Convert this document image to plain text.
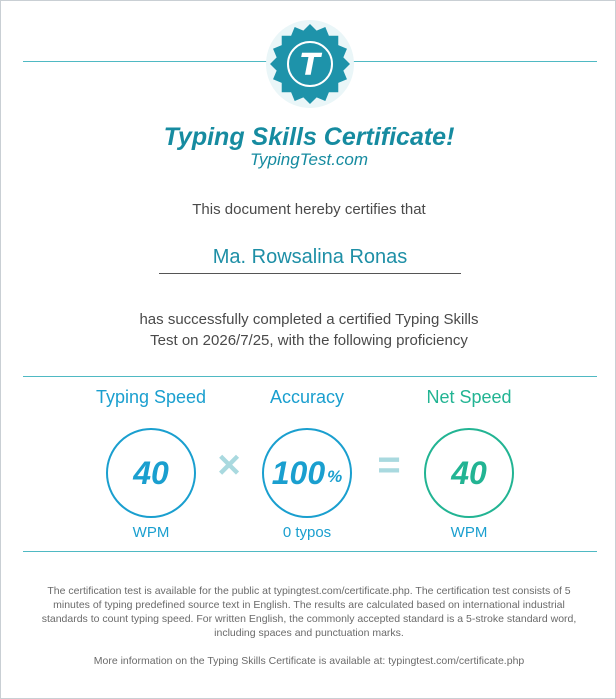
T
Typing Skills Certificate!
TypingTest.com
This document hereby certifies that
Ma. Rowsalina Ronas
has successfully completed a certified Typing Skills
Test on 2026/7/25, with the following proficiency
Typing Speed
40
WPM
×
Accuracy
100 %
0 typos
=
Net Speed
40
WPM
The certification test is available for the public at typingtest.com/certificate.php. The certification test consists of 5 minutes of typing predefined source text in English. The results are calculated based on international industrial standards to count typing speed. For written English, the commonly accepted standard is a 5-stroke standard word, including spaces and punctuation marks.
More information on the Typing Skills Certificate is available at: typingtest.com/certificate.php
